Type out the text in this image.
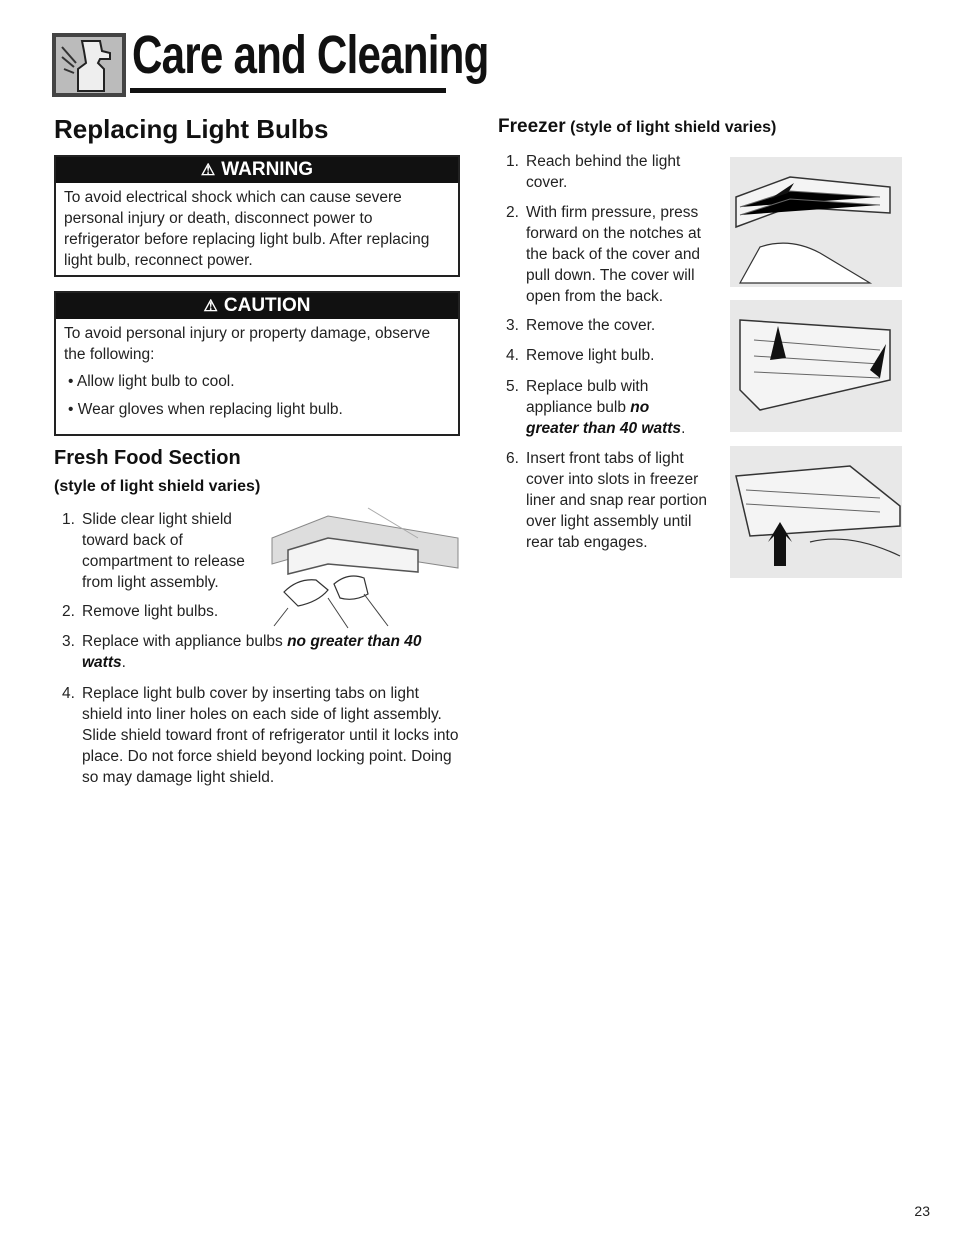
Care and Cleaning
Replacing Light Bulbs
⚠ WARNING
To avoid electrical shock which can cause severe personal injury or death, disconnect power to refrigerator before replacing light bulb. After replacing light bulb, reconnect power.
⚠ CAUTION
To avoid personal injury or property damage, observe the following:
• Allow light bulb to cool.
• Wear gloves when replacing light bulb.
Fresh Food Section
(style of light shield varies)
1. Slide clear light shield toward back of compartment to release from light assembly.
2. Remove light bulbs.
3. Replace with appliance bulbs no greater than 40 watts.
4. Replace light bulb cover by inserting tabs on light shield into liner holes on each side of light assembly. Slide shield toward front of refrigerator until it locks into place. Do not force shield beyond locking point. Doing so may damage light shield.
Freezer (style of light shield varies)
1. Reach behind the light cover.
2. With firm pressure, press forward on the notches at the back of the cover and pull down. The cover will open from the back.
3. Remove the cover.
4. Remove light bulb.
5. Replace bulb with appliance bulb no greater than 40 watts.
6. Insert front tabs of light cover into slots in freezer liner and snap rear portion over light assembly until rear tab engages.
23
